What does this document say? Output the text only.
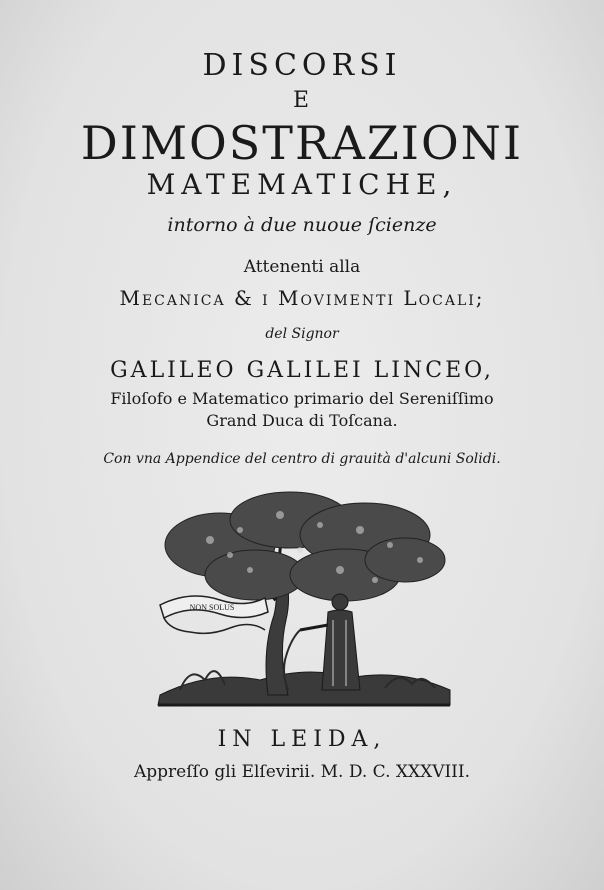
DISCORSI
E
DIMOSTRAZIONI
MATEMATICHE,
intorno à due nuoue ſcienze
Attenenti alla
Mecanica & i Movimenti Locali;
del Signor
GALILEO GALILEI LINCEO,
Filoſofo e Matematico primario del Sereniſſimo
Grand Duca di Toſcana.
Con vna Appendice del centro di grauità d'alcuni Solidi.
NON SOLUS
IN LEIDA,
Appreſſo gli Elſevirii. M. D. C. XXXVIII.
